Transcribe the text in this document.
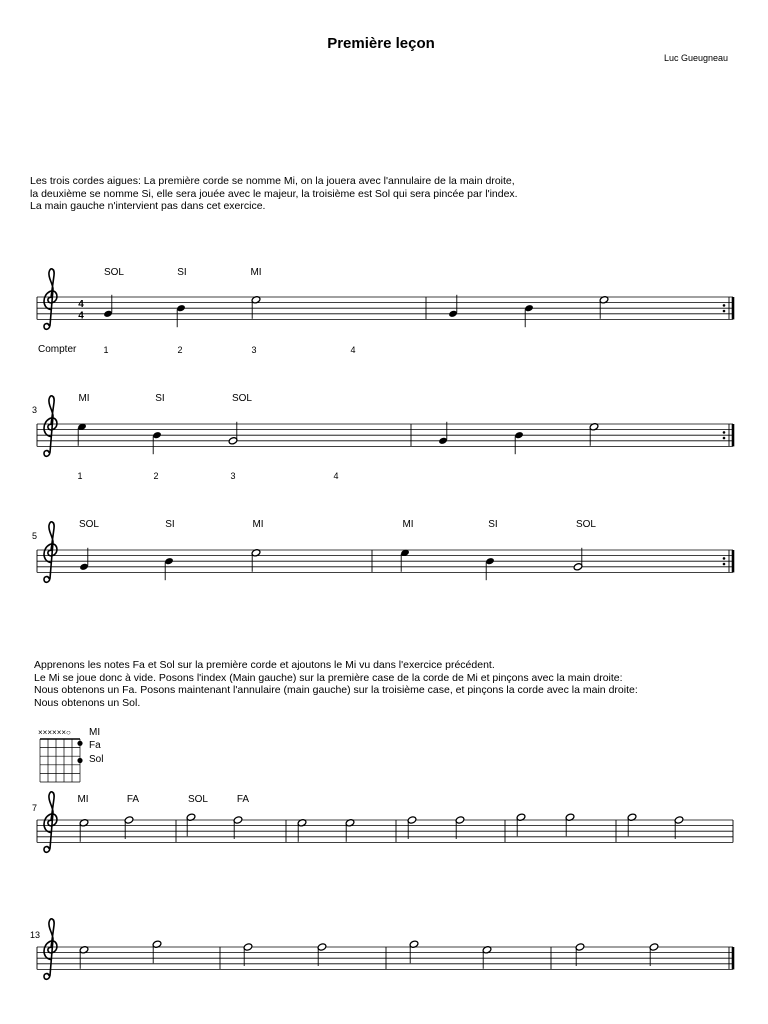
Première leçon
Luc Gueugneau
Les trois cordes aigues: La première corde se nomme Mi, on la jouera avec l'annulaire de la main droite,
la deuxième se nomme Si, elle sera jouée avec le majeur, la troisième est Sol qui sera pincée par l'index.
La main gauche n'intervient pas dans cet exercice.
Apprenons les notes Fa et Sol sur la première corde et ajoutons le Mi vu dans l'exercice précédent.
Le Mi se joue donc à vide. Posons l'index (Main gauche) sur la première case de la corde de Mi et pinçons avec la main droite:
Nous obtenons un Fa. Posons maintenant l'annulaire (main gauche) sur la troisième case, et pinçons la corde avec la main droite:
Nous obtenons un Sol.
××××××○ MI
Fa
Sol
4
4
SOL	SI	MI
Compter	1	2	3	4
3
MI	SI	SOL
1	2	3	4
5
SOL	SI	MI	MI	SI	SOL
7
MI	FA	SOL	FA
13
